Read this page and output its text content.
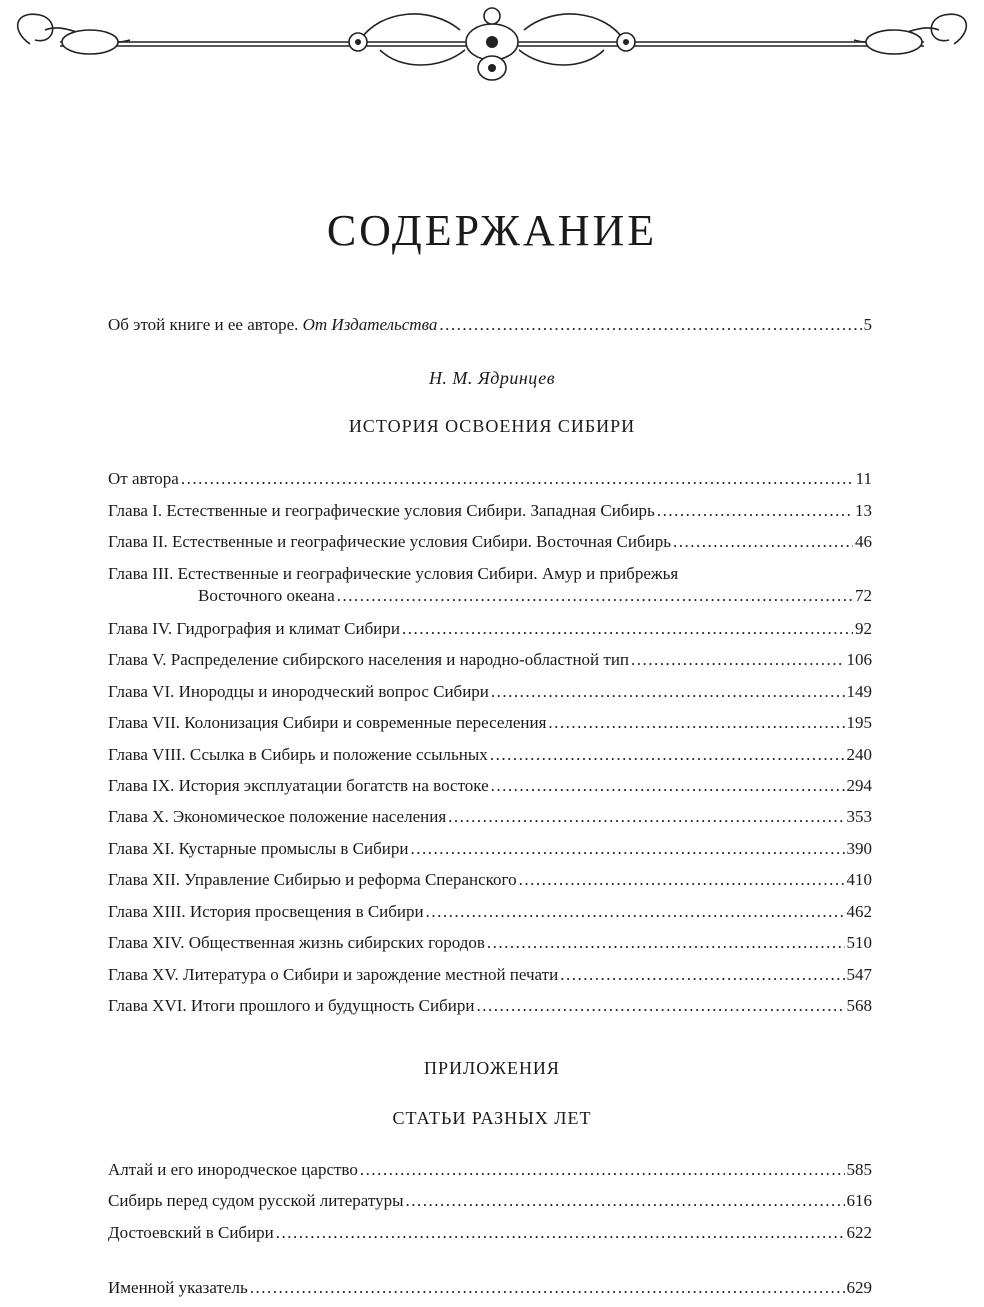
СОДЕРЖАНИЕ
Об этой книге и ее авторе. От Издательства .....	5
Н. М. Ядринцев
ИСТОРИЯ ОСВОЕНИЯ СИБИРИ
От автора .....	11
Глава I. Естественные и географические условия Сибири. Западная Сибирь .....	13
Глава II. Естественные и географические условия Сибири. Восточная Сибирь .....	46
Глава III. Естественные и географические условия Сибири. Амур и прибрежья
Восточного океана .....	72
Глава IV. Гидрография и климат Сибири .....	92
Глава V. Распределение сибирского населения и народно-областной тип .....	106
Глава VI. Инородцы и инородческий вопрос Сибири .....	149
Глава VII. Колонизация Сибири и современные переселения .....	195
Глава VIII. Ссылка в Сибирь и положение ссыльных .....	240
Глава IX. История эксплуатации богатств на востоке .....	294
Глава X. Экономическое положение населения .....	353
Глава XI. Кустарные промыслы в Сибири .....	390
Глава XII. Управление Сибирью и реформа Сперанского .....	410
Глава XIII. История просвещения в Сибири .....	462
Глава XIV. Общественная жизнь сибирских городов .....	510
Глава XV. Литература о Сибири и зарождение местной печати .....	547
Глава XVI. Итоги прошлого и будущность Сибири .....	568
ПРИЛОЖЕНИЯ
СТАТЬИ РАЗНЫХ ЛЕТ
Алтай и его инородческое царство .....	585
Сибирь перед судом русской литературы .....	616
Достоевский в Сибири .....	622
Именной указатель .....	629
